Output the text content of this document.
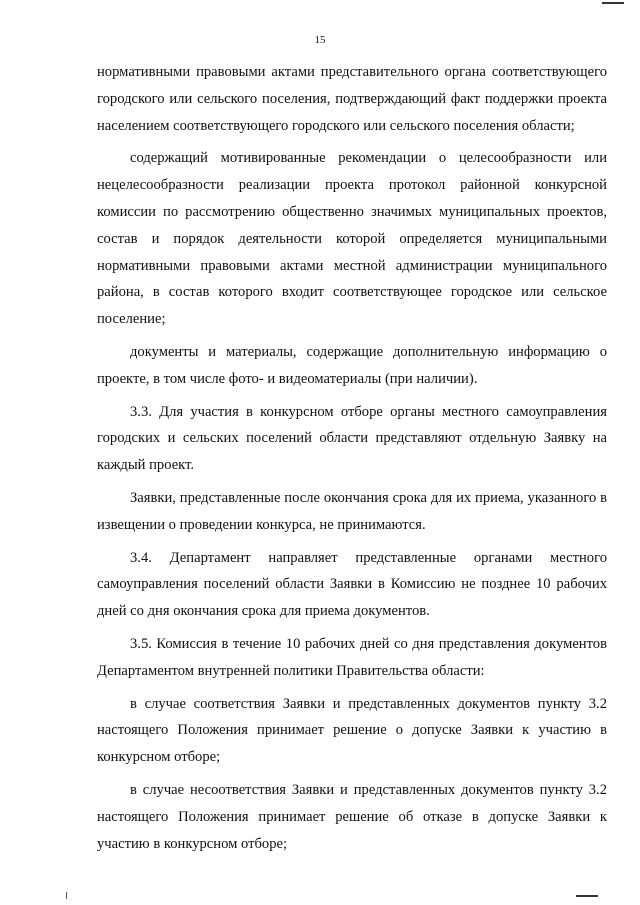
15

нормативными правовыми актами представительного органа соответствующего городского или сельского поселения, подтверждающий факт поддержки проекта населением соответствующего городского или сельского поселения области;

содержащий мотивированные рекомендации о целесообразности или нецелесообразности реализации проекта протокол районной конкурсной комиссии по рассмотрению общественно значимых муниципальных проектов, состав и порядок деятельности которой определяется муниципальными нормативными правовыми актами местной администрации муниципального района, в состав которого входит соответствующее городское или сельское поселение;

документы и материалы, содержащие дополнительную информацию о проекте, в том числе фото- и видеоматериалы (при наличии).

3.3. Для участия в конкурсном отборе органы местного самоуправления городских и сельских поселений области представляют отдельную Заявку на каждый проект.

Заявки, представленные после окончания срока для их приема, указанного в извещении о проведении конкурса, не принимаются.

3.4. Департамент направляет представленные органами местного самоуправления поселений области Заявки в Комиссию не позднее 10 рабочих дней со дня окончания срока для приема документов.

3.5. Комиссия в течение 10 рабочих дней со дня представления документов Департаментом внутренней политики Правительства области:

в случае соответствия Заявки и представленных документов пункту 3.2 настоящего Положения принимает решение о допуске Заявки к участию в конкурсном отборе;

в случае несоответствия Заявки и представленных документов пункту 3.2 настоящего Положения принимает решение об отказе в допуске Заявки к участию в конкурсном отборе;
